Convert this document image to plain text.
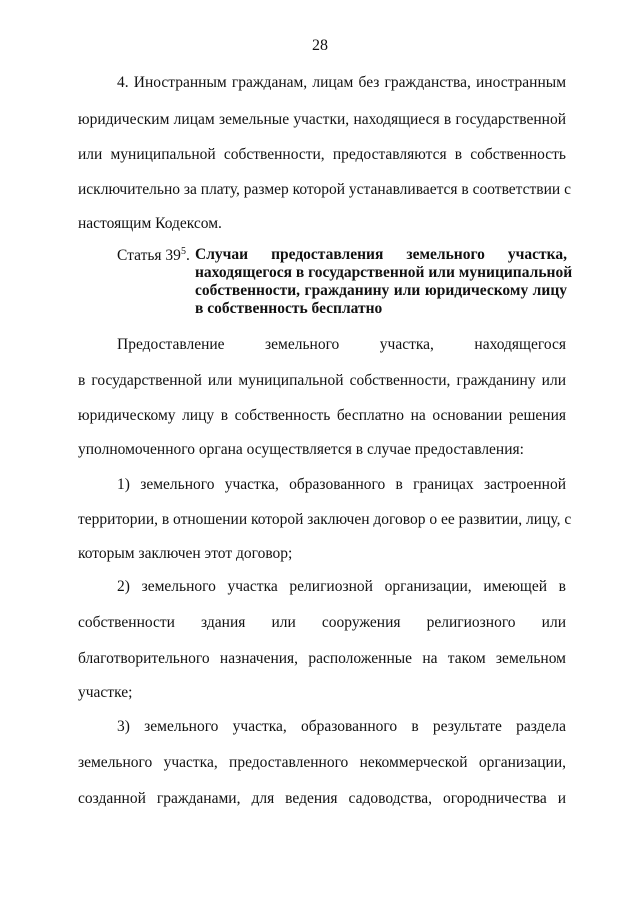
28
4. Иностранным гражданам, лицам без гражданства, иностранным
юридическим лицам земельные участки, находящиеся в государственной
или муниципальной собственности, предоставляются в собственность
исключительно за плату, размер которой устанавливается в соответствии с
настоящим Кодексом.
Статья $39^5$. Случаи предоставления земельного участка,
находящегося в государственной или муниципальной
собственности, гражданину или юридическому лицу
в собственность бесплатно
Предоставление земельного участка, находящегося
в государственной или муниципальной собственности, гражданину или
юридическому лицу в собственность бесплатно на основании решения
уполномоченного органа осуществляется в случае предоставления:
1) земельного участка, образованного в границах застроенной
территории, в отношении которой заключен договор о ее развитии, лицу, с
которым заключен этот договор;
2) земельного участка религиозной организации, имеющей в
собственности здания или сооружения религиозного или
благотворительного назначения, расположенные на таком земельном
участке;
3) земельного участка, образованного в результате раздела
земельного участка, предоставленного некоммерческой организации,
созданной гражданами, для ведения садоводства, огородничества и
